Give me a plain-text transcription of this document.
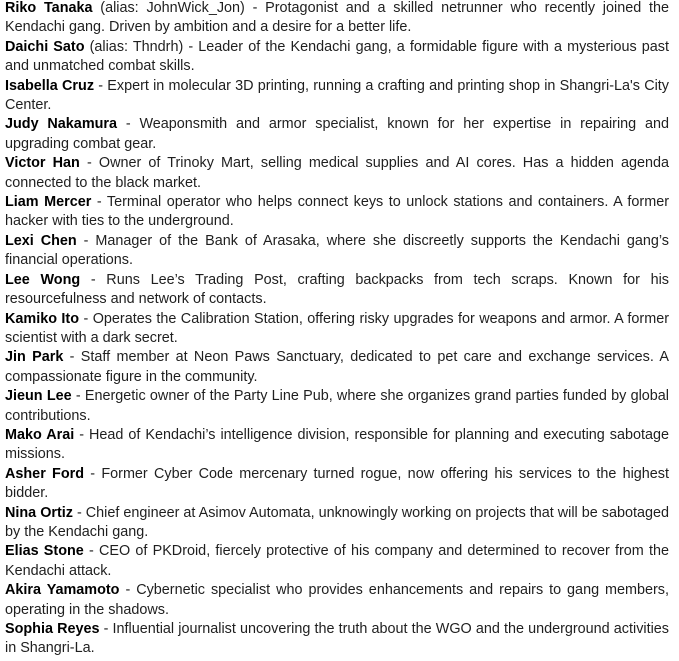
Riko Tanaka (alias: JohnWick_Jon) - Protagonist and a skilled netrunner who recently joined the Kendachi gang. Driven by ambition and a desire for a better life.

Daichi Sato (alias: Thndrh) - Leader of the Kendachi gang, a formidable figure with a mysterious past and unmatched combat skills.

Isabella Cruz - Expert in molecular 3D printing, running a crafting and printing shop in Shangri-La's City Center.

Judy Nakamura - Weaponsmith and armor specialist, known for her expertise in repairing and upgrading combat gear.

Victor Han - Owner of Trinoky Mart, selling medical supplies and AI cores. Has a hidden agenda connected to the black market.

Liam Mercer - Terminal operator who helps connect keys to unlock stations and containers. A former hacker with ties to the underground.

Lexi Chen - Manager of the Bank of Arasaka, where she discreetly supports the Kendachi gang’s financial operations.

Lee Wong - Runs Lee’s Trading Post, crafting backpacks from tech scraps. Known for his resourcefulness and network of contacts.

Kamiko Ito - Operates the Calibration Station, offering risky upgrades for weapons and armor. A former scientist with a dark secret.

Jin Park - Staff member at Neon Paws Sanctuary, dedicated to pet care and exchange services. A compassionate figure in the community.

Jieun Lee - Energetic owner of the Party Line Pub, where she organizes grand parties funded by global contributions.

Mako Arai - Head of Kendachi’s intelligence division, responsible for planning and executing sabotage missions.

Asher Ford - Former Cyber Code mercenary turned rogue, now offering his services to the highest bidder.

Nina Ortiz - Chief engineer at Asimov Automata, unknowingly working on projects that will be sabotaged by the Kendachi gang.

Elias Stone - CEO of PKDroid, fiercely protective of his company and determined to recover from the Kendachi attack.

Akira Yamamoto - Cybernetic specialist who provides enhancements and repairs to gang members, operating in the shadows.

Sophia Reyes - Influential journalist uncovering the truth about the WGO and the underground activities in Shangri-La.
